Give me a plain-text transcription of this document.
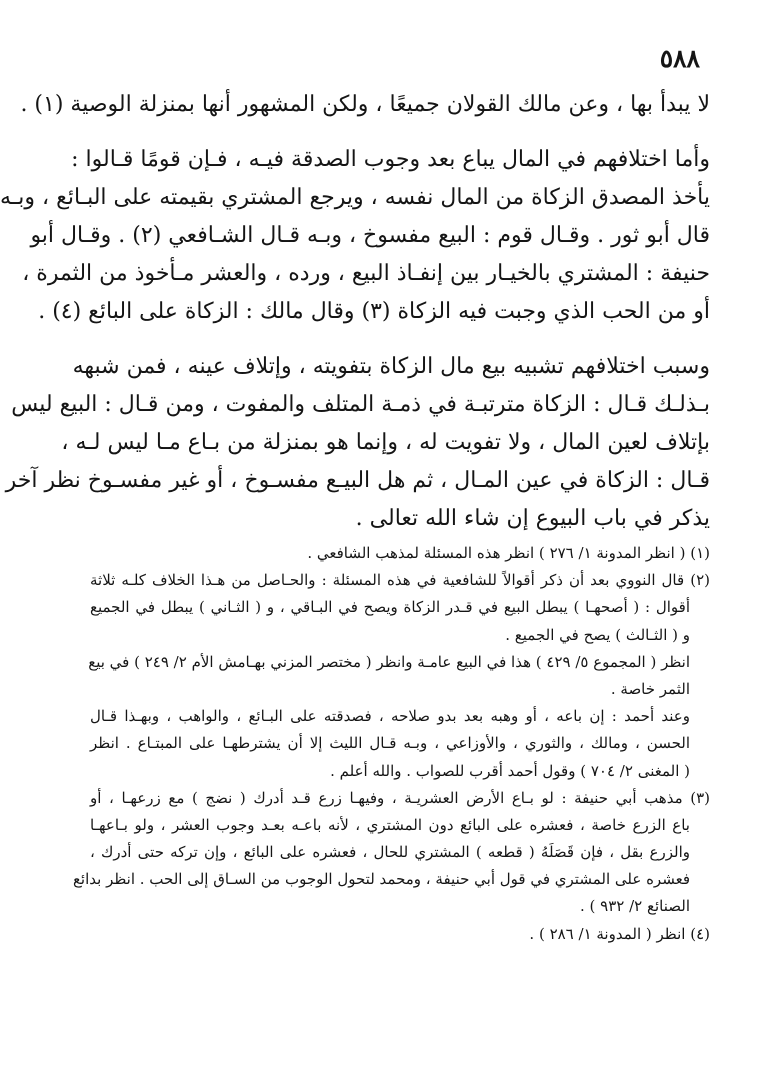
٥٨٨
لا يبدأ بها ، وعن مالك القولان جميعًا ، ولكن المشهور أنها بمنزلة الوصية (١) .
وأما اختلافهم في المال يباع بعد وجوب الصدقة فيـه ، فـإن قومًا قـالوا :
يأخذ المصدق الزكاة من المال نفسه ، ويرجع المشتري بقيمته على البـائع ، وبـه
قال أبو ثور . وقـال قوم : البيع مفسوخ ، وبـه قـال الشـافعي (٢) . وقـال أبو
حنيفة : المشتري بالخيـار بين إنفـاذ البيع ، ورده ، والعشر مـأخوذ من الثمرة ،
أو من الحب الذي وجبت فيه الزكاة (٣) وقال مالك : الزكاة على البائع (٤) .
وسبب اختلافهم تشبيه بيع مال الزكاة بتفويته ، وإتلاف عينه ، فمن شبهه
بـذلـك قـال : الزكاة مترتبـة في ذمـة المتلف والمفوت ، ومن قـال : البيع ليس
بإتلاف لعين المال ، ولا تفويت له ، وإنما هو بمنزلة من بـاع مـا ليس لـه ،
قـال : الزكاة في عين المـال ، ثم هل البيـع مفسـوخ ، أو غير مفسـوخ نظر آخر
يذكر في باب البيوع إن شاء الله تعالى .
(١) ( انظر المدونة ١/ ٢٧٦ ) انظر هذه المسئلة لمذهب الشافعي .
(٢) قال النووي بعد أن ذكر أقوالاً للشافعية في هذه المسئلة : والحـاصل من هـذا الخلاف كلـه ثلاثة
أقوال : ( أصحهـا ) يبطل البيع في قـدر الزكاة ويصح في البـاقي ، و ( الثـاني ) يبطل في الجميع
و ( الثـالث ) يصح في الجميع .
انظر ( المجموع ٥/ ٤٢٩ ) هذا في البيع عامـة وانظر ( مختصر المزني بهـامش الأم ٢/ ٢٤٩ ) في بيع
الثمر خاصة .
وعند أحمد : إن باعه ، أو وهبه بعد بدو صلاحه ، فصدقته على البـائع ، والواهب ، وبهـذا قـال
الحسن ، ومالك ، والثوري ، والأوزاعي ، وبـه قـال الليث إلا أن يشترطهـا على المبتـاع . انظر
( المغنى ٢/ ٧٠٤ ) وقول أحمد أقرب للصواب . والله أعلم .
(٣) مذهب أبي حنيفة : لو بـاع الأرض العشريـة ، وفيهـا زرع قـد أدرك ( نضج ) مع زرعهـا ، أو
باع الزرع خاصة ، فعشره على البائع دون المشتري ، لأنه باعـه بعـد وجوب العشر ، ولو بـاعهـا
والزرع بقل ، فإن قَصَلَهُ ( قطعه ) المشتري للحال ، فعشره على البائع ، وإن تركه حتى أدرك ،
فعشره على المشتري في قول أبي حنيفة ، ومحمد لتحول الوجوب من السـاق إلى الحب . انظر بدائع
الصنائع ٢/ ٩٣٢ ) .
(٤) انظر ( المدونة ١/ ٢٨٦ ) .
